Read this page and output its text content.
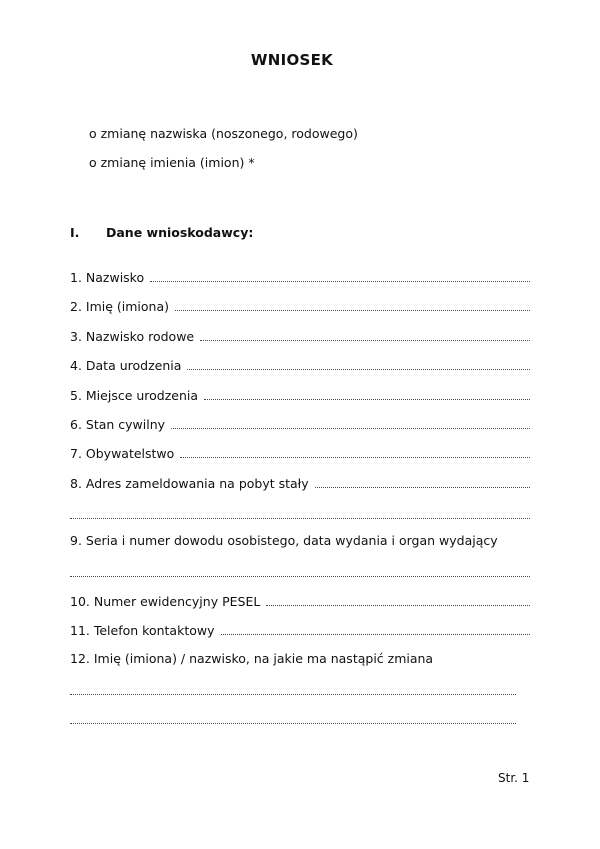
WNIOSEK
o zmianę nazwiska (noszonego, rodowego)
o zmianę imienia (imion) *
I. Dane wnioskodawcy:
1. Nazwisko
2. Imię (imiona)
3. Nazwisko rodowe
4. Data urodzenia
5. Miejsce urodzenia
6. Stan cywilny
7. Obywatelstwo
8. Adres zameldowania na pobyt stały
9. Seria i numer dowodu osobistego, data wydania i organ wydający
10. Numer ewidencyjny PESEL
11. Telefon kontaktowy
12. Imię (imiona) / nazwisko, na jakie ma nastąpić zmiana
Str. 1
